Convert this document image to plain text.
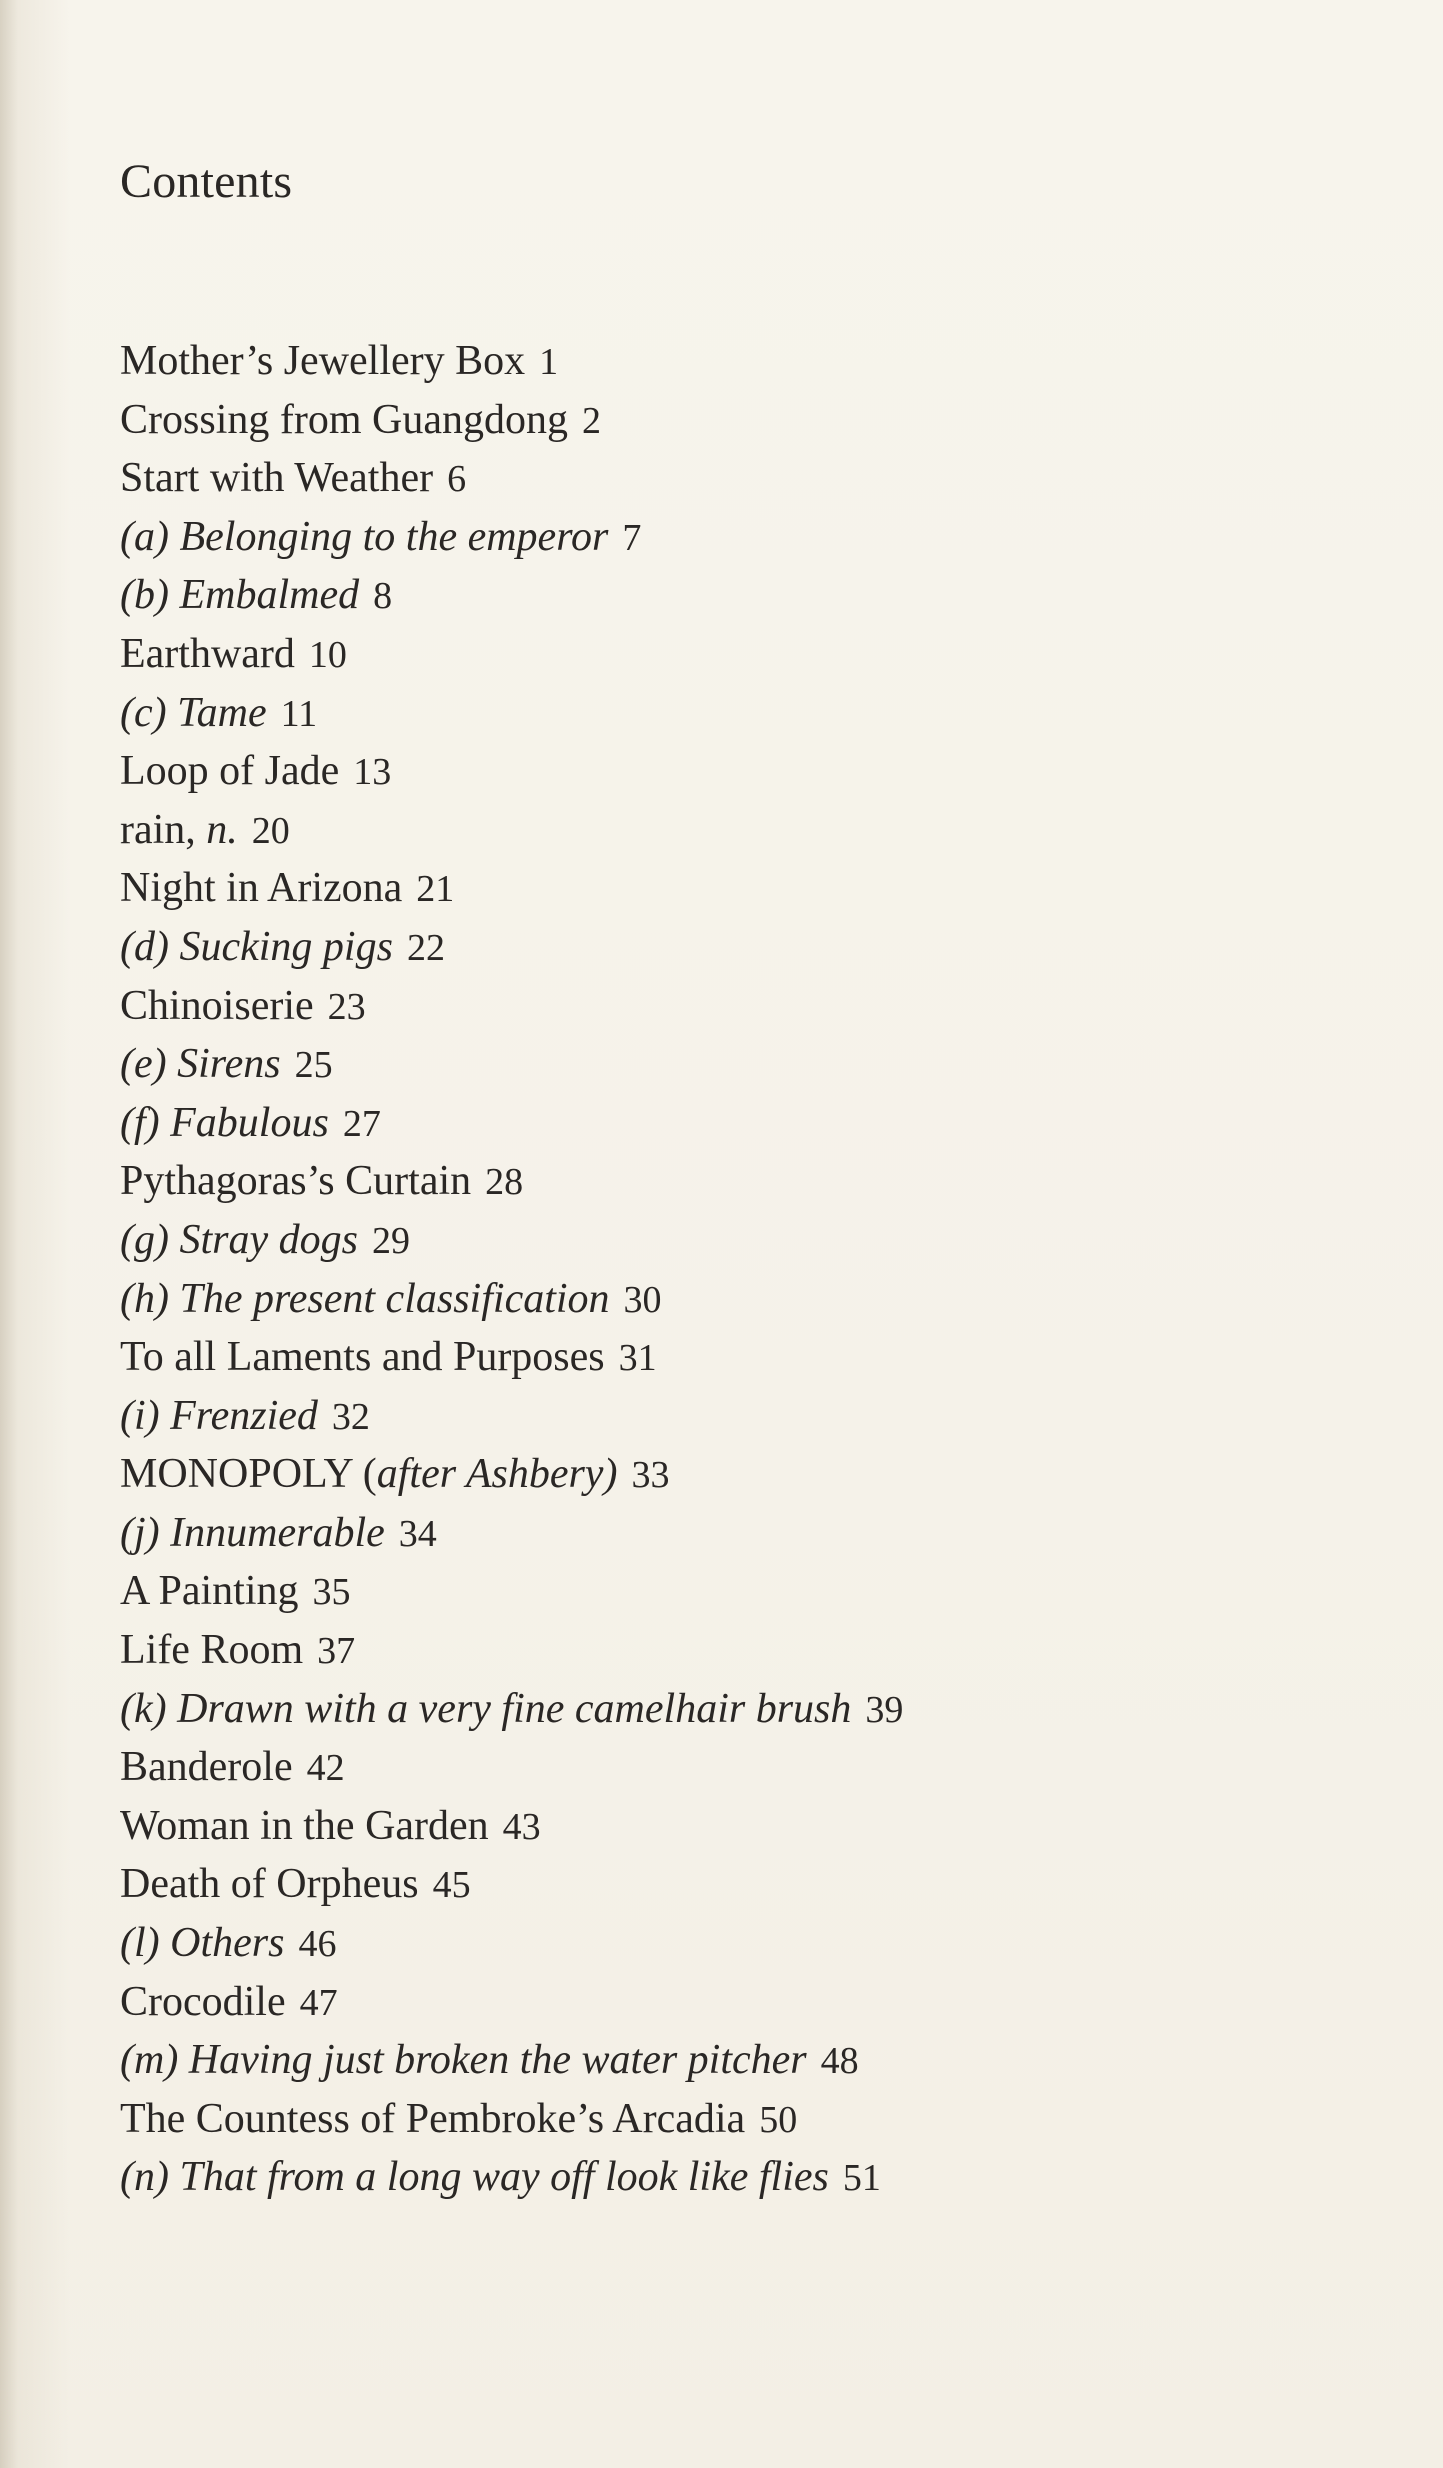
Contents
Mother’s Jewellery Box 1
Crossing from Guangdong 2
Start with Weather 6
(a) Belonging to the emperor 7
(b) Embalmed 8
Earthward 10
(c) Tame 11
Loop of Jade 13
rain, n. 20
Night in Arizona 21
(d) Sucking pigs 22
Chinoiserie 23
(e) Sirens 25
(f) Fabulous 27
Pythagoras’s Curtain 28
(g) Stray dogs 29
(h) The present classification 30
To all Laments and Purposes 31
(i) Frenzied 32
MONOPOLY (after Ashbery) 33
(j) Innumerable 34
A Painting 35
Life Room 37
(k) Drawn with a very fine camelhair brush 39
Banderole 42
Woman in the Garden 43
Death of Orpheus 45
(l) Others 46
Crocodile 47
(m) Having just broken the water pitcher 48
The Countess of Pembroke’s Arcadia 50
(n) That from a long way off look like flies 51
